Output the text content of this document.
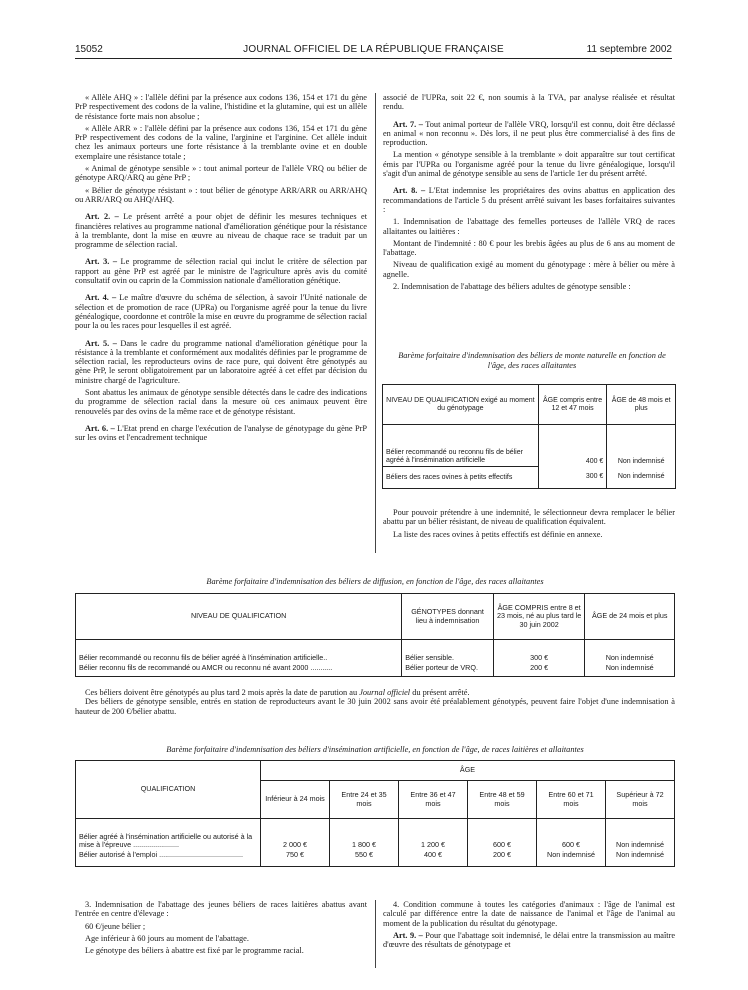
15052	JOURNAL OFFICIEL DE LA RÉPUBLIQUE FRANÇAISE	11 septembre 2002

« Allèle AHQ » : l'allèle défini par la présence aux codons 136, 154 et 171 du gène PrP respectivement des codons de la valine, l'histidine et la glutamine, qui est un allèle de résistance forte mais non absolue ;

« Allèle ARR » : l'allèle défini par la présence aux codons 136, 154 et 171 du gène PrP respectivement des codons de la valine, l'arginine et l'arginine. Cet allèle induit chez les animaux porteurs une forte résistance à la tremblante ovine et en double exemplaire une résistance totale ;

« Animal de génotype sensible » : tout animal porteur de l'allèle VRQ ou bélier de génotype ARQ/ARQ au gène PrP ;

« Bélier de génotype résistant » : tout bélier de génotype ARR/ARR ou ARR/AHQ ou ARR/ARQ ou AHQ/AHQ.

Art. 2. – Le présent arrêté a pour objet de définir les mesures techniques et financières relatives au programme national d'amélioration génétique pour la résistance à la tremblante, dont la mise en œuvre au niveau de chaque race se traduit par un programme de sélection racial.

Art. 3. – Le programme de sélection racial qui inclut le critère de sélection par rapport au gène PrP est agréé par le ministre de l'agriculture après avis du comité consultatif ovin ou caprin de la Commission nationale d'amélioration génétique.

Art. 4. – Le maître d'œuvre du schéma de sélection, à savoir l'Unité nationale de sélection et de promotion de race (UPRa) ou l'organisme agréé pour la tenue du livre généalogique, coordonne et contrôle la mise en œuvre du programme de sélection racial pour la ou les races pour lesquelles il est agréé.

Art. 5. – Dans le cadre du programme national d'amélioration génétique pour la résistance à la tremblante et conformément aux modalités définies par le programme de sélection racial, les reproducteurs ovins de race pure, qui doivent être génotypés au gène PrP, le seront obligatoirement par un laboratoire agréé à cet effet par décision du ministre chargé de l'agriculture.

Sont abattus les animaux de génotype sensible détectés dans le cadre des indications du programme de sélection racial dans la mesure où ces animaux peuvent être renouvelés par des ovins de la même race et de génotype résistant.

Art. 6. – L'Etat prend en charge l'exécution de l'analyse de génotypage du gène PrP sur les ovins et l'encadrement technique

associé de l'UPRa, soit 22 €, non soumis à la TVA, par analyse réalisée et résultat rendu.

Art. 7. – Tout animal porteur de l'allèle VRQ, lorsqu'il est connu, doit être déclassé en animal « non reconnu ». Dès lors, il ne peut plus être commercialisé à des fins de reproduction.

La mention « génotype sensible à la tremblante » doit apparaître sur tout certificat émis par l'UPRa ou l'organisme agréé pour la tenue du livre généalogique, lorsqu'il s'agit d'un animal de génotype sensible au sens de l'article 1er du présent arrêté.

Art. 8. – L'Etat indemnise les propriétaires des ovins abattus en application des recommandations de l'article 5 du présent arrêté suivant les bases forfaitaires suivantes :

1. Indemnisation de l'abattage des femelles porteuses de l'allèle VRQ de races allaitantes ou laitières :

Montant de l'indemnité : 80 € pour les brebis âgées au plus de 6 ans au moment de l'abattage.

Niveau de qualification exigé au moment du génotypage : mère à bélier ou mère à agnelle.

2. Indemnisation de l'abattage des béliers adultes de génotype sensible :

Barème forfaitaire d'indemnisation des béliers de monte naturelle en fonction de l'âge, des races allaitantes
NIVEAU DE QUALIFICATION exigé au moment du génotypage	ÂGE compris entre 12 et 47 mois	ÂGE de 48 mois et plus
Bélier recommandé ou reconnu fils de bélier agréé à l'insémination artificielle	400 €	Non indemnisé
Béliers des races ovines à petits effectifs	300 €	Non indemnisé

Pour pouvoir prétendre à une indemnité, le sélectionneur devra remplacer le bélier abattu par un bélier résistant, de niveau de qualification équivalent.

La liste des races ovines à petits effectifs est définie en annexe.

Barème forfaitaire d'indemnisation des béliers de diffusion, en fonction de l'âge, des races allaitantes
NIVEAU DE QUALIFICATION	GÉNOTYPES donnant lieu à indemnisation	ÂGE COMPRIS entre 8 et 23 mois, né au plus tard le 30 juin 2002	ÂGE de 24 mois et plus
Bélier recommandé ou reconnu fils de bélier agréé à l'insémination artificielle..	Bélier sensible.	300 €	Non indemnisé
Bélier reconnu fils de recommandé ou AMCR ou reconnu né avant 2000 ...........	Bélier porteur de VRQ.	200 €	Non indemnisé

Ces béliers doivent être génotypés au plus tard 2 mois après la date de parution au Journal officiel du présent arrêté.

Des béliers de génotype sensible, entrés en station de reproducteurs avant le 30 juin 2002 sans avoir été préalablement génotypés, peuvent faire l'objet d'une indemnisation à hauteur de 200 €/bélier abattu.

Barème forfaitaire d'indemnisation des béliers d'insémination artificielle, en fonction de l'âge, de races laitières et allaitantes
QUALIFICATION	ÂGE					
	Inférieur à 24 mois	Entre 24 et 35 mois	Entre 36 et 47 mois	Entre 48 et 59 mois	Entre 60 et 71 mois	Supérieur à 72 mois
Bélier agréé à l'insémination artificielle ou autorisé à la mise à l'épreuve .......................	2 000 €	1 800 €	1 200 €	600 €	600 €	Non indemnisé
Bélier autorisé à l'emploi ..........................................	750 €	550 €	400 €	200 €	Non indemnisé	Non indemnisé

3. Indemnisation de l'abattage des jeunes béliers de races laitières abattus avant l'entrée en centre d'élevage :

60 €/jeune bélier ;

Age inférieur à 60 jours au moment de l'abattage.

Le génotype des béliers à abattre est fixé par le programme racial.

4. Condition commune à toutes les catégories d'animaux : l'âge de l'animal est calculé par différence entre la date de naissance de l'animal et l'âge de l'animal au moment de la publication du résultat du génotypage.

Art. 9. – Pour que l'abattage soit indemnisé, le délai entre la transmission au maître d'œuvre des résultats de génotypage et
